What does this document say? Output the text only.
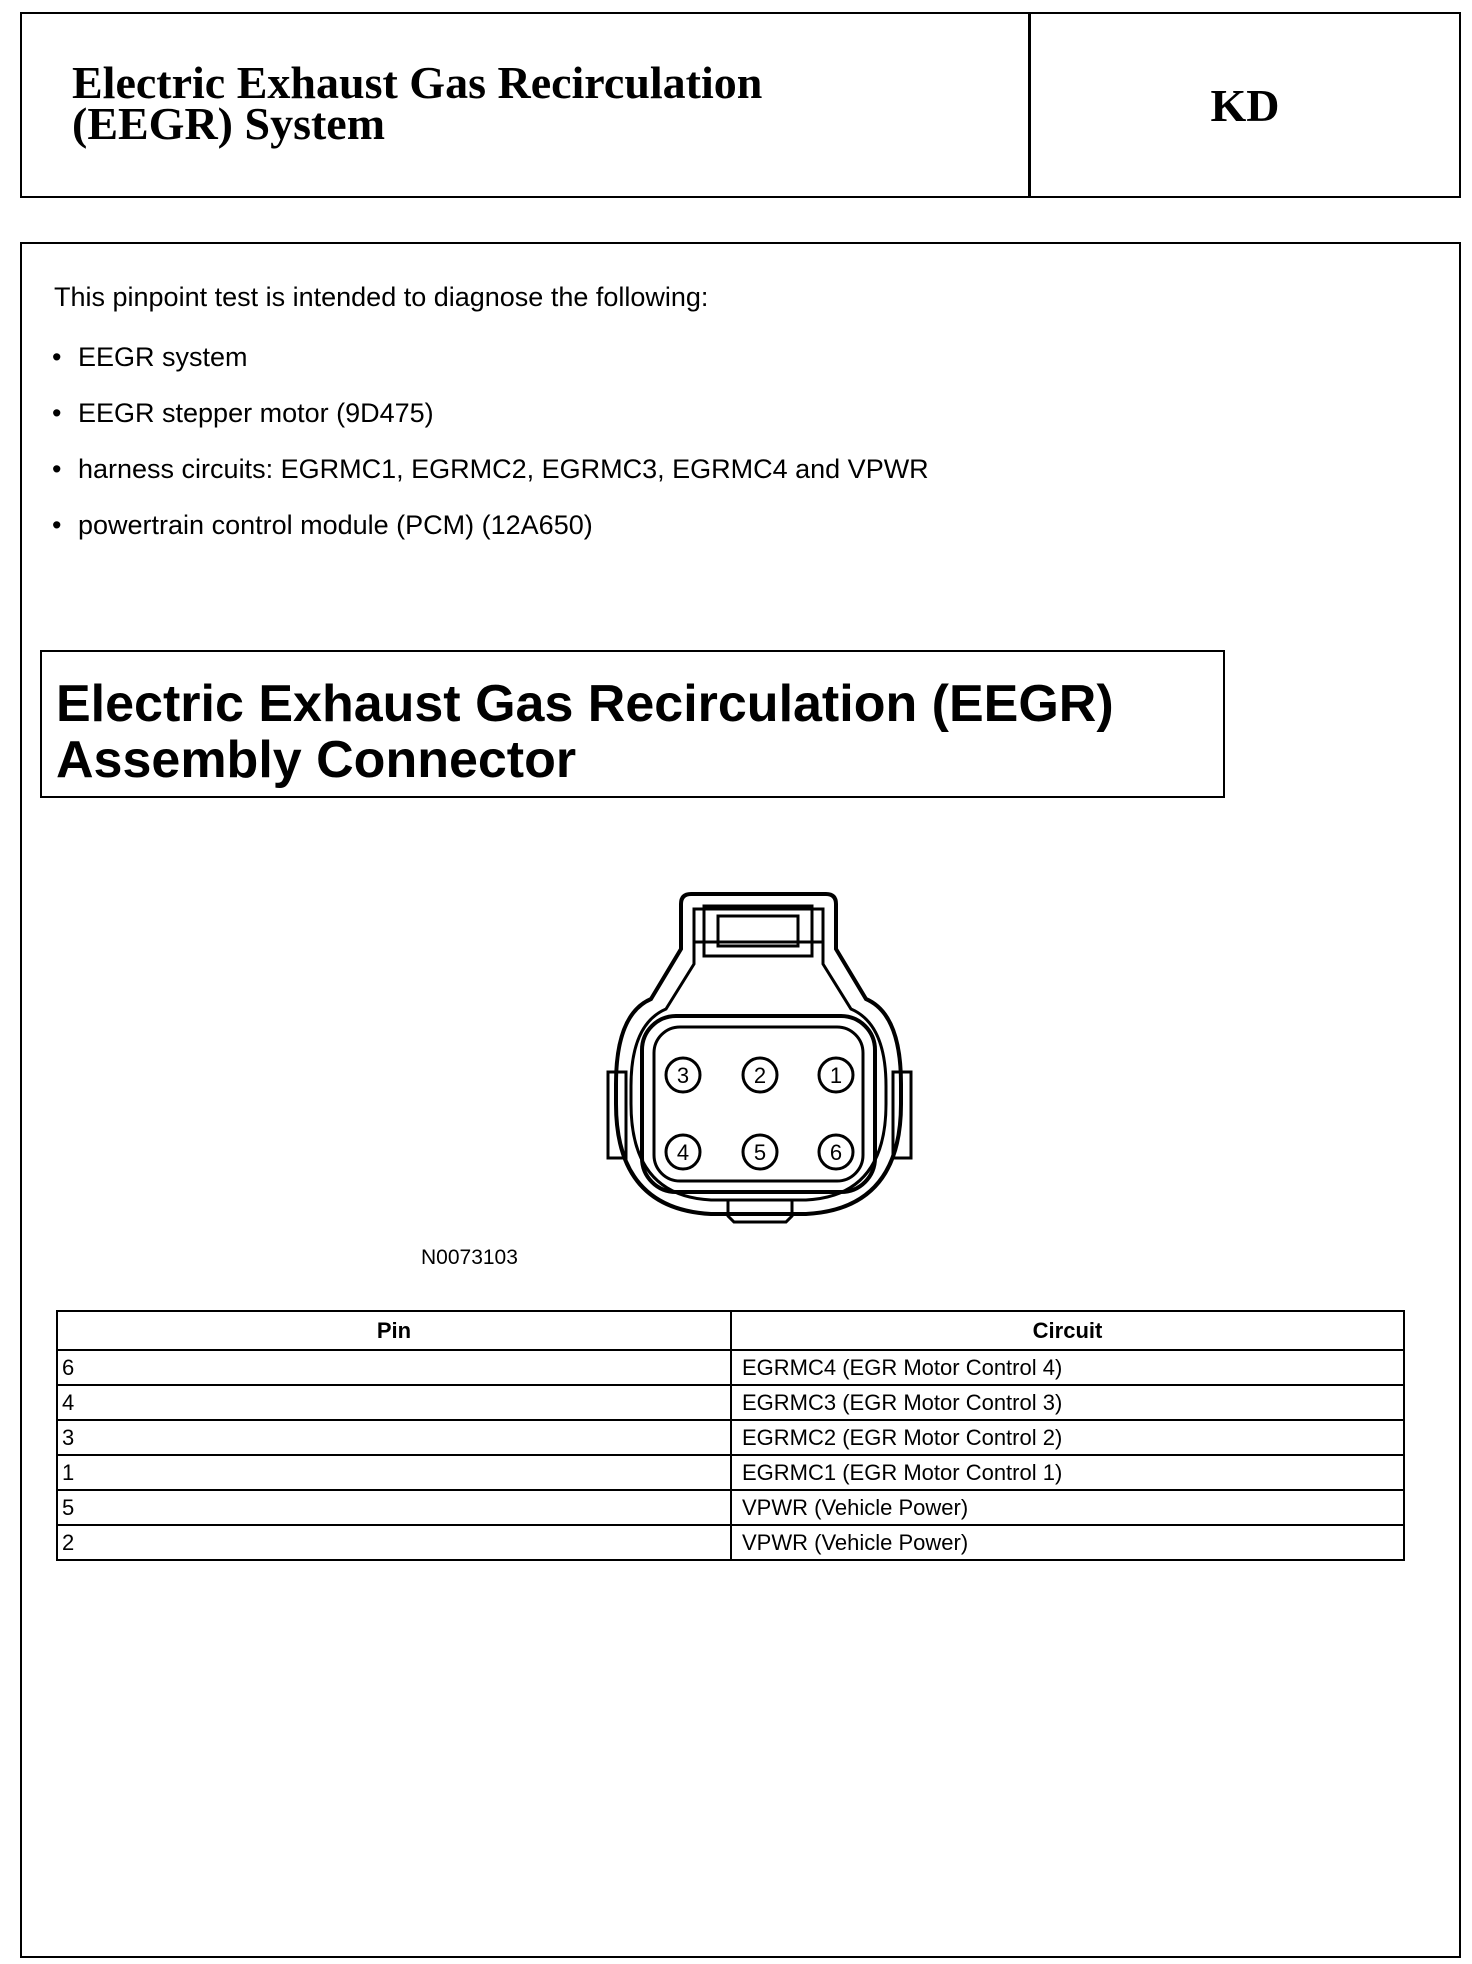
Electric Exhaust Gas Recirculation
(EEGR) System	KD
This pinpoint test is intended to diagnose the following:
• EEGR system
• EEGR stepper motor (9D475)
• harness circuits: EGRMC1, EGRMC2, EGRMC3, EGRMC4 and VPWR
• powertrain control module (PCM) (12A650)
Electric Exhaust Gas Recirculation (EEGR)
Assembly Connector
3	2	1
4	5	6
N0073103
Pin	Circuit
6	EGRMC4 (EGR Motor Control 4)
4	EGRMC3 (EGR Motor Control 3)
3	EGRMC2 (EGR Motor Control 2)
1	EGRMC1 (EGR Motor Control 1)
5	VPWR (Vehicle Power)
2	VPWR (Vehicle Power)
